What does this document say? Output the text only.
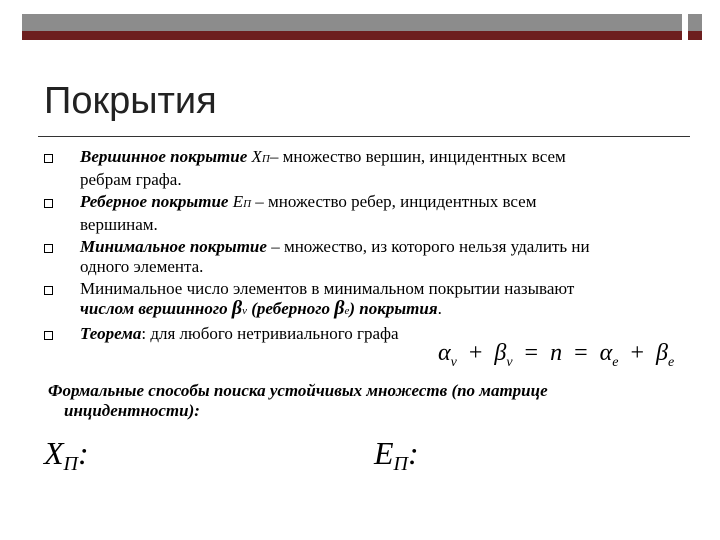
Покрытия
Вершинное покрытие XП– множество вершин, инцидентных всем
ребрам графа.
Реберное покрытие EП – множество ребер, инцидентных всем
вершинам.
Минимальное покрытие – множество, из которого нельзя удалить ни
одного элемента.
Минимальное число элементов в минимальном покрытии называют
числом вершинного βv (реберного βe) покрытия.
Теорема: для любого нетривиального графа
$\alpha_v + \beta_v = n = \alpha_e + \beta_e$
Формальные способы поиска устойчивых множеств (по матрице
инцидентности):
XП:	EП:
